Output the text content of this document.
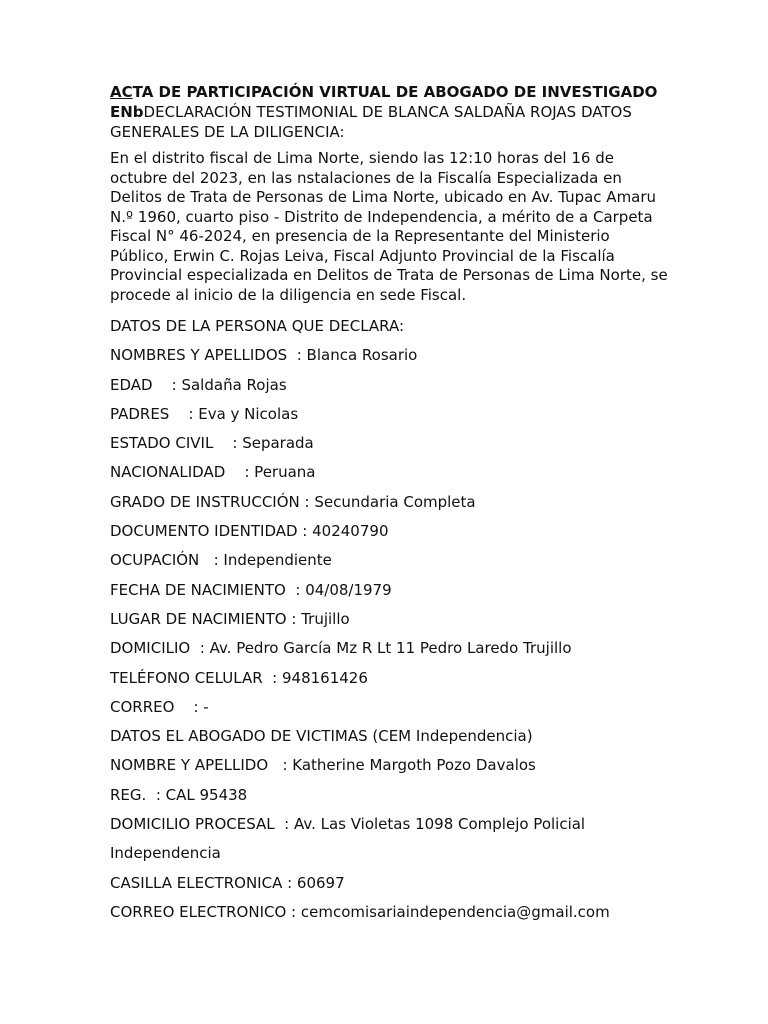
ACTA DE PARTICIPACIÓN VIRTUAL DE ABOGADO DE INVESTIGADO ENbDECLARACIÓN TESTIMONIAL DE BLANCA SALDAÑA ROJAS DATOS GENERALES DE LA DILIGENCIA:

En el distrito fiscal de Lima Norte, siendo las 12:10 horas del 16 de octubre del 2023, en las nstalaciones de la Fiscalía Especializada en Delitos de Trata de Personas de Lima Norte, ubicado en Av. Tupac Amaru N.º 1960, cuarto piso - Distrito de Independencia, a mérito de a Carpeta Fiscal N° 46-2024, en presencia de la Representante del Ministerio Público, Erwin C. Rojas Leiva, Fiscal Adjunto Provincial de la Fiscalía Provincial especializada en Delitos de Trata de Personas de Lima Norte, se procede al inicio de la diligencia en sede Fiscal.

DATOS DE LA PERSONA QUE DECLARA:

NOMBRES Y APELLIDOS  : Blanca Rosario

EDAD    : Saldaña Rojas

PADRES    : Eva y Nicolas

ESTADO CIVIL    : Separada

NACIONALIDAD    : Peruana

GRADO DE INSTRUCCIÓN : Secundaria Completa

DOCUMENTO IDENTIDAD : 40240790

OCUPACIÓN   : Independiente

FECHA DE NACIMIENTO  : 04/08/1979

LUGAR DE NACIMIENTO : Trujillo

DOMICILIO  : Av. Pedro García Mz R Lt 11 Pedro Laredo Trujillo

TELÉFONO CELULAR  : 948161426

CORREO    : -

DATOS EL ABOGADO DE VICTIMAS (CEM Independencia)

NOMBRE Y APELLIDO   : Katherine Margoth Pozo Davalos

REG.  : CAL 95438

DOMICILIO PROCESAL  : Av. Las Violetas 1098 Complejo Policial

Independencia

CASILLA ELECTRONICA : 60697

CORREO ELECTRONICO : cemcomisariaindependencia@gmail.com
